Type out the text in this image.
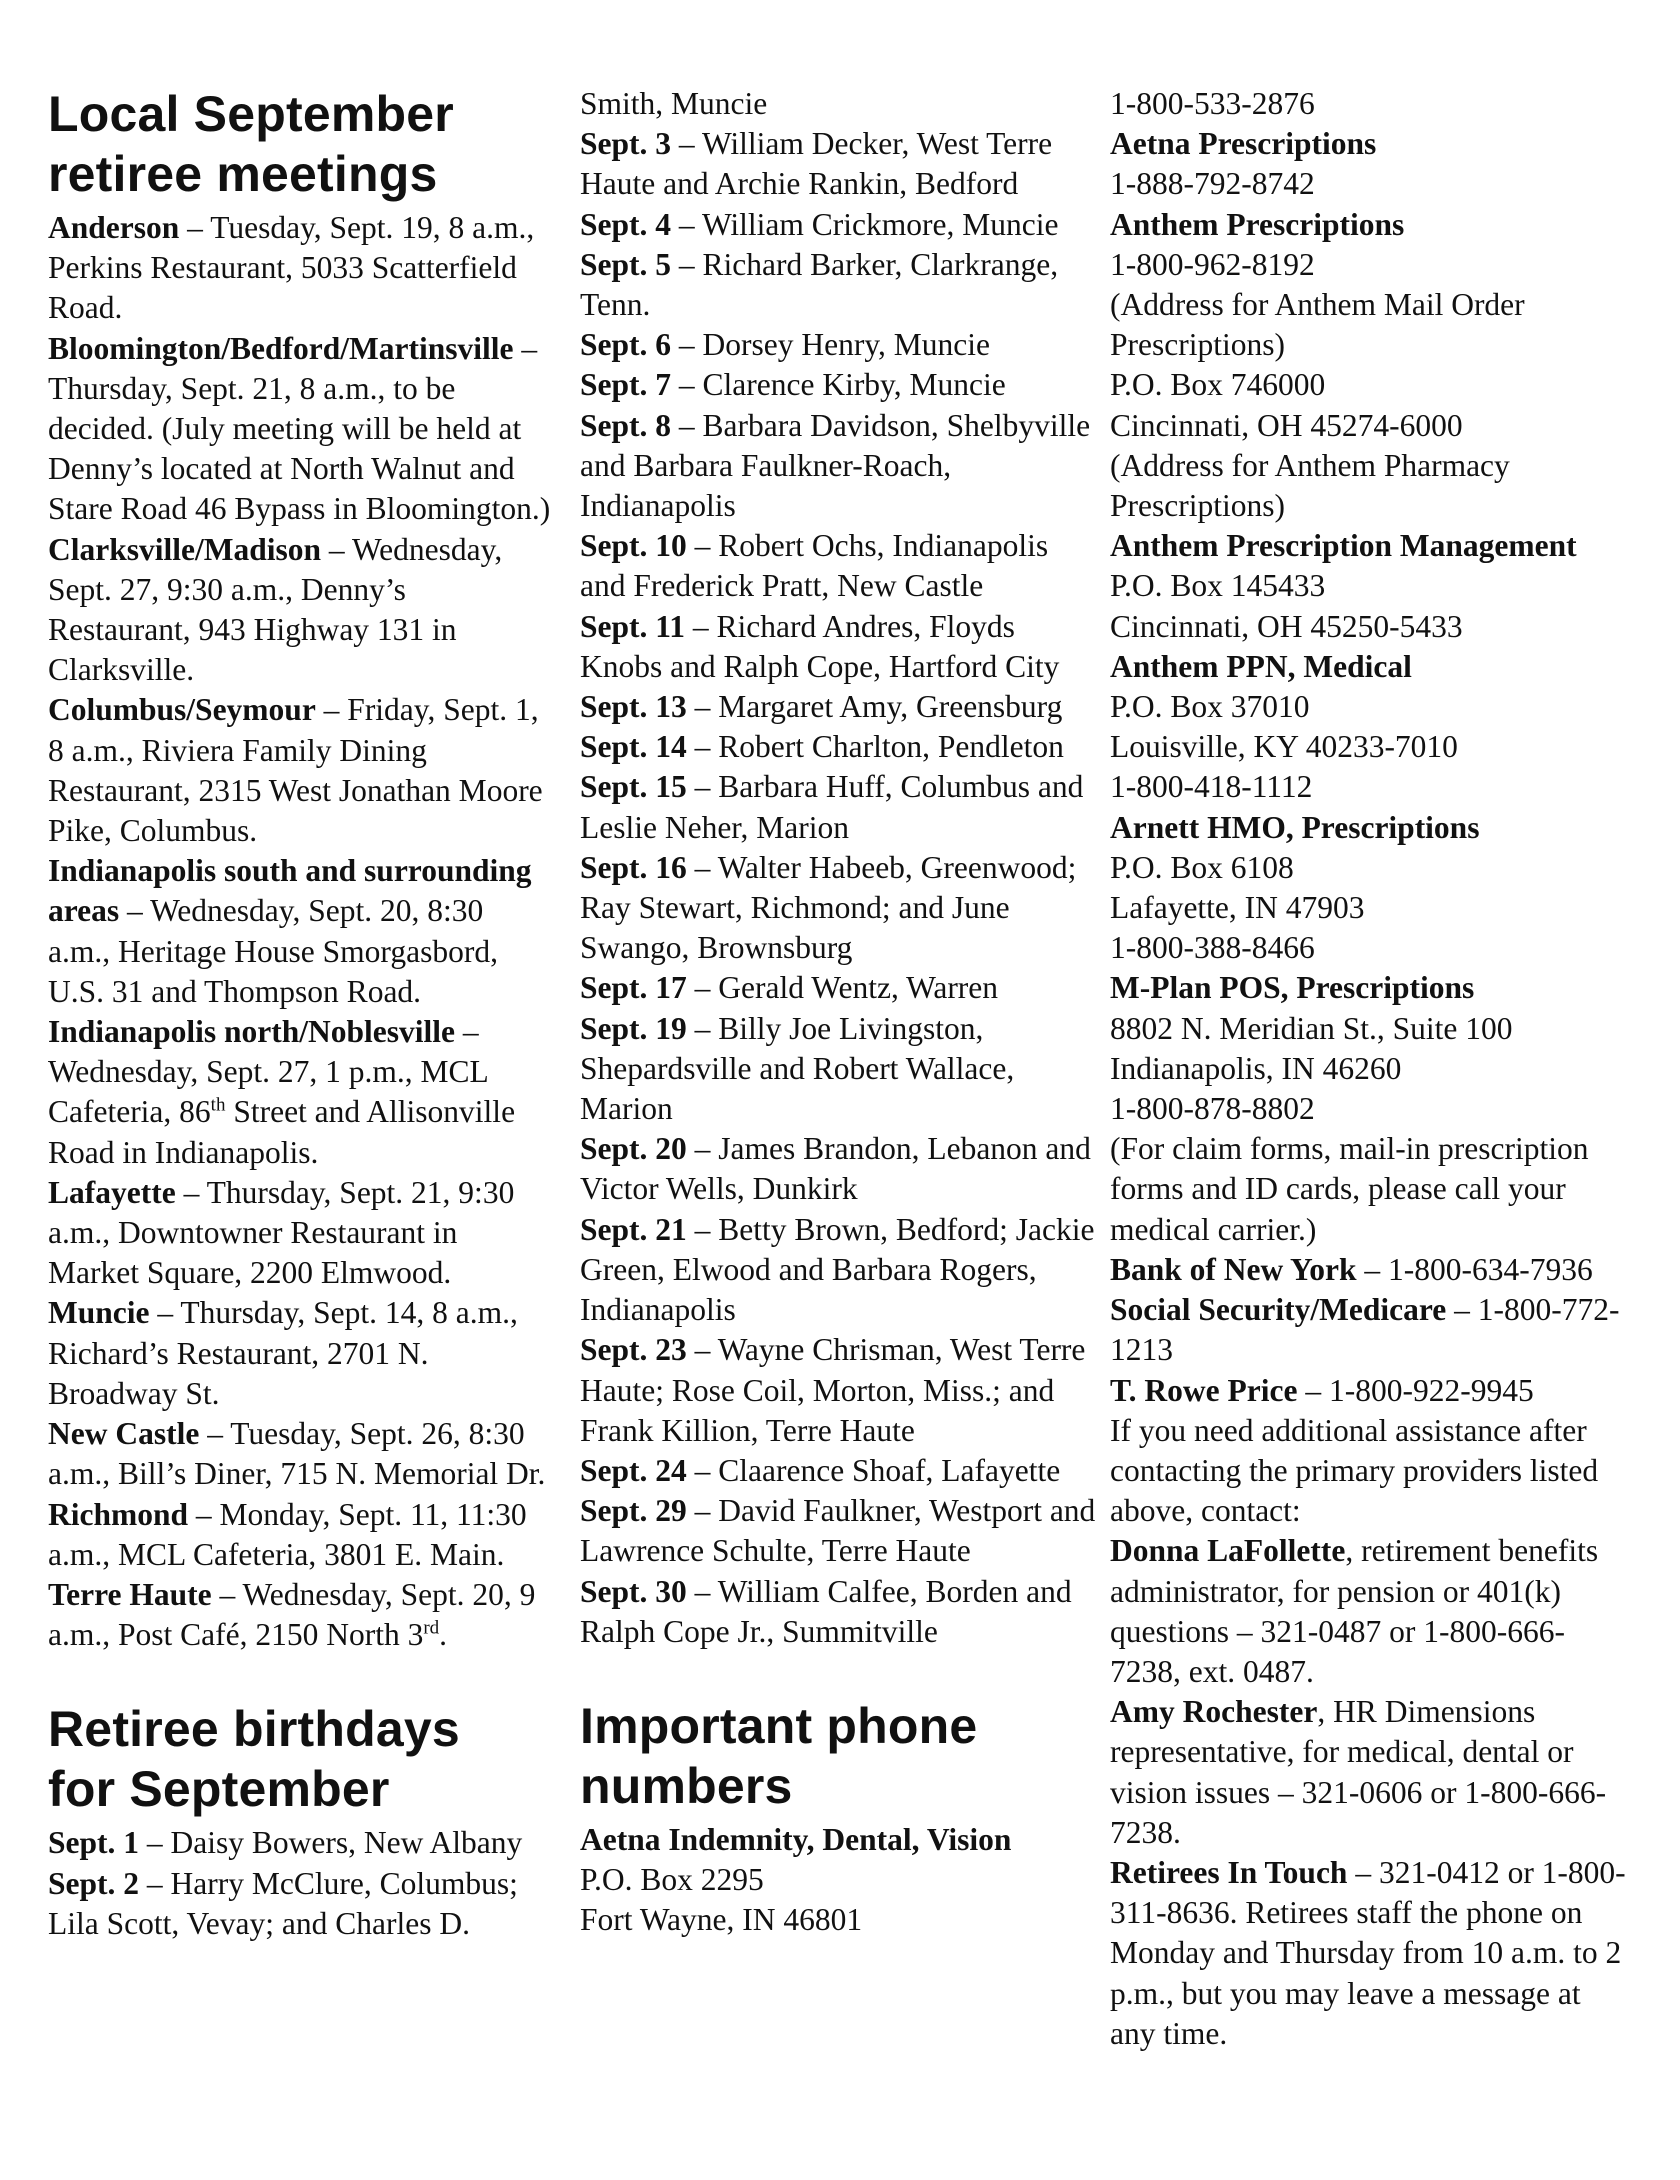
Local September
retiree meetings

Anderson – Tuesday, Sept. 19, 8 a.m., Perkins Restaurant, 5033 Scatterfield Road.

Bloomington/Bedford/Martinsville – Thursday, Sept. 21, 8 a.m., to be decided. (July meeting will be held at Denny’s located at North Walnut and Stare Road 46 Bypass in Bloomington.)

Clarksville/Madison – Wednesday, Sept. 27, 9:30 a.m., Denny’s Restaurant, 943 Highway 131 in Clarksville.

Columbus/Seymour – Friday, Sept. 1, 8 a.m., Riviera Family Dining Restaurant, 2315 West Jonathan Moore Pike, Columbus.

Indianapolis south and surrounding areas – Wednesday, Sept. 20, 8:30 a.m., Heritage House Smorgasbord, U.S. 31 and Thompson Road.

Indianapolis north/Noblesville – Wednesday, Sept. 27, 1 p.m., MCL Cafeteria, 86th Street and Allisonville Road in Indianapolis.

Lafayette – Thursday, Sept. 21, 9:30 a.m., Downtowner Restaurant in Market Square, 2200 Elmwood.

Muncie – Thursday, Sept. 14, 8 a.m., Richard’s Restaurant, 2701 N. Broadway St.

New Castle – Tuesday, Sept. 26, 8:30 a.m., Bill’s Diner, 715 N. Memorial Dr.

Richmond – Monday, Sept. 11, 11:30 a.m., MCL Cafeteria, 3801 E. Main.

Terre Haute – Wednesday, Sept. 20, 9 a.m., Post Café, 2150 North 3rd.

Retiree birthdays
for September

Sept. 1 – Daisy Bowers, New Albany

Sept. 2 – Harry McClure, Columbus; Lila Scott, Vevay; and Charles D.

Smith, Muncie

Sept. 3 – William Decker, West Terre Haute and Archie Rankin, Bedford

Sept. 4 – William Crickmore, Muncie

Sept. 5 – Richard Barker, Clarkrange, Tenn.

Sept. 6 – Dorsey Henry, Muncie

Sept. 7 – Clarence Kirby, Muncie

Sept. 8 – Barbara Davidson, Shelbyville and Barbara Faulkner-Roach, Indianapolis

Sept. 10 – Robert Ochs, Indianapolis and Frederick Pratt, New Castle

Sept. 11 – Richard Andres, Floyds Knobs and Ralph Cope, Hartford City

Sept. 13 – Margaret Amy, Greensburg

Sept. 14 – Robert Charlton, Pendleton

Sept. 15 – Barbara Huff, Columbus and Leslie Neher, Marion

Sept. 16 – Walter Habeeb, Greenwood; Ray Stewart, Richmond; and June Swango, Brownsburg

Sept. 17 – Gerald Wentz, Warren

Sept. 19 – Billy Joe Livingston, Shepardsville and Robert Wallace, Marion

Sept. 20 – James Brandon, Lebanon and Victor Wells, Dunkirk

Sept. 21 – Betty Brown, Bedford; Jackie Green, Elwood and Barbara Rogers, Indianapolis

Sept. 23 – Wayne Chrisman, West Terre Haute; Rose Coil, Morton, Miss.; and Frank Killion, Terre Haute

Sept. 24 – Claarence Shoaf, Lafayette

Sept. 29 – David Faulkner, Westport and Lawrence Schulte, Terre Haute

Sept. 30 – William Calfee, Borden and Ralph Cope Jr., Summitville

Important phone
numbers

Aetna Indemnity, Dental, Vision
P.O. Box 2295
Fort Wayne, IN 46801

1-800-533-2876

Aetna Prescriptions

1-888-792-8742

Anthem Prescriptions

1-800-962-8192

(Address for Anthem Mail Order Prescriptions)

P.O. Box 746000

Cincinnati, OH 45274-6000

(Address for Anthem Pharmacy Prescriptions)

Anthem Prescription Management

P.O. Box 145433

Cincinnati, OH 45250-5433

Anthem PPN, Medical

P.O. Box 37010

Louisville, KY 40233-7010

1-800-418-1112

Arnett HMO, Prescriptions

P.O. Box 6108

Lafayette, IN 47903

1-800-388-8466

M-Plan POS, Prescriptions

8802 N. Meridian St., Suite 100

Indianapolis, IN 46260

1-800-878-8802

(For claim forms, mail-in prescription forms and ID cards, please call your medical carrier.)

Bank of New York – 1-800-634-7936

Social Security/Medicare – 1-800-772-1213

T. Rowe Price – 1-800-922-9945

If you need additional assistance after contacting the primary providers listed above, contact:

Donna LaFollette, retirement benefits administrator, for pension or 401(k) questions – 321-0487 or 1-800-666-7238, ext. 0487.

Amy Rochester, HR Dimensions representative, for medical, dental or vision issues – 321-0606 or 1-800-666-7238.

Retirees In Touch – 321-0412 or 1-800-311-8636. Retirees staff the phone on Monday and Thursday from 10 a.m. to 2 p.m., but you may leave a message at any time.
